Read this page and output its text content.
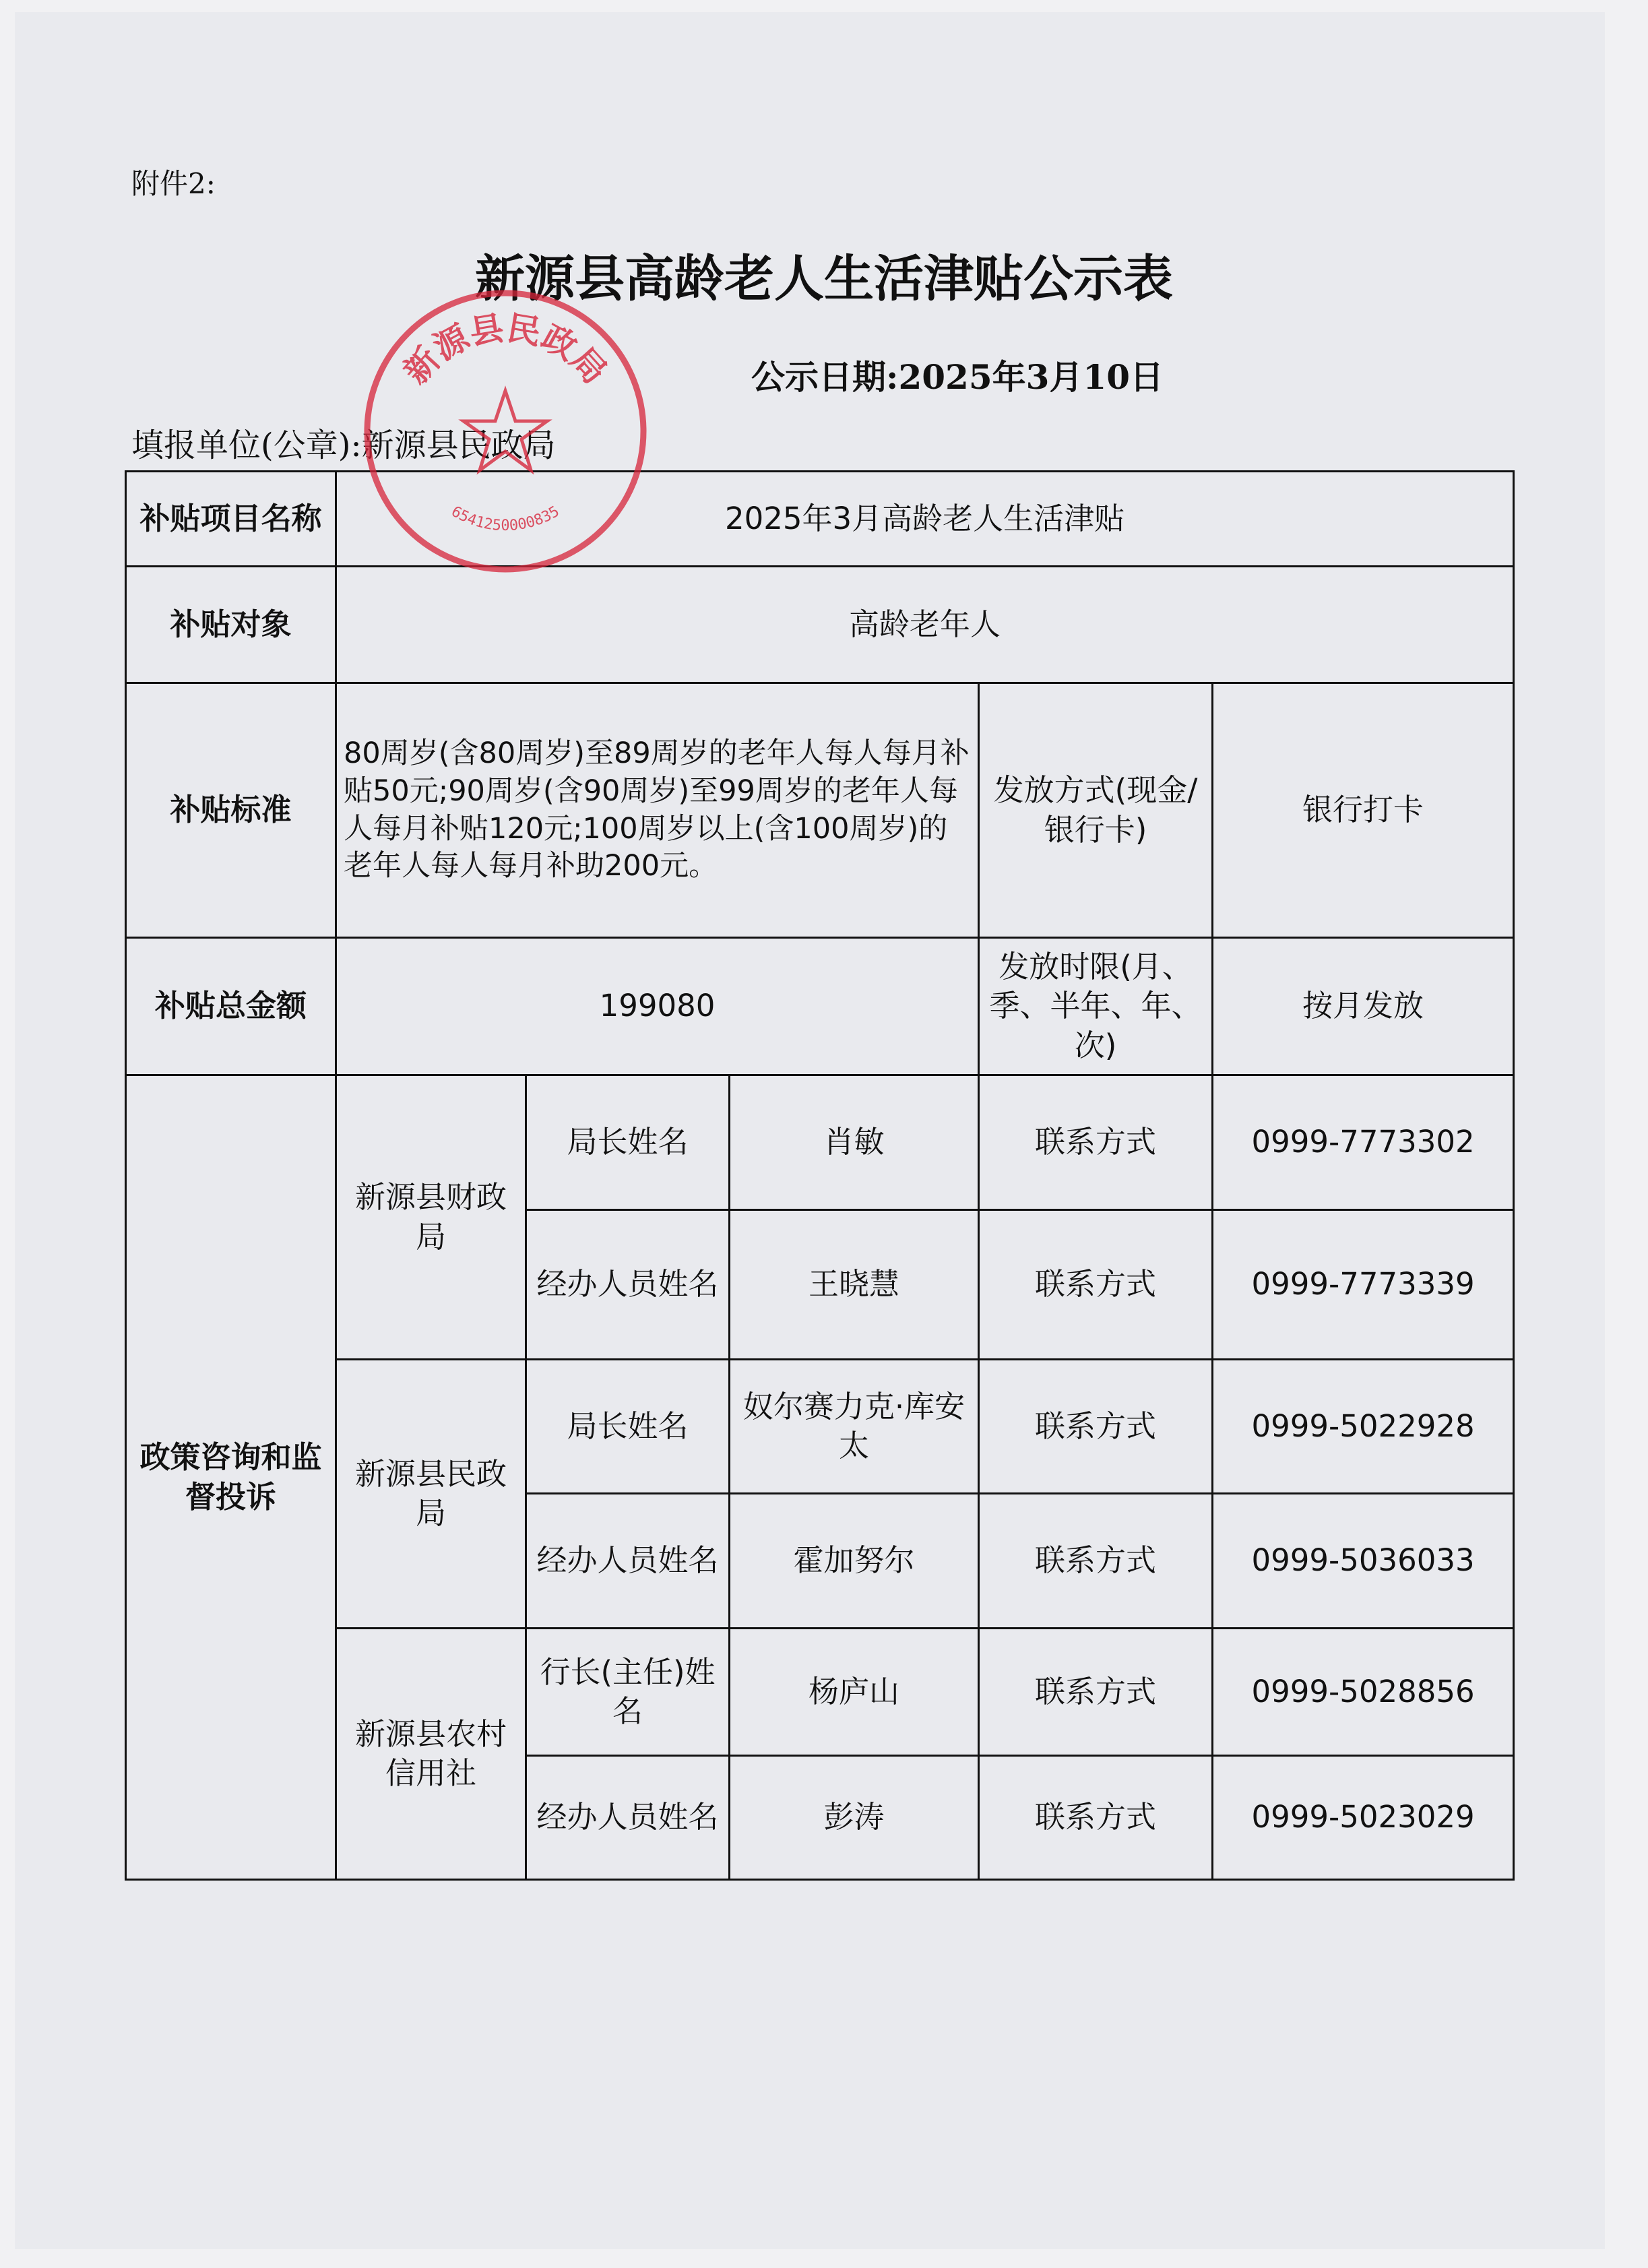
附件2:
新源县高龄老人生活津贴公示表
公示日期:2025年3月10日
填报单位(公章):新源县民政局
补贴项目名称	2025年3月高龄老人生活津贴				
补贴对象	高龄老年人				
补贴标准	80周岁(含80周岁)至89周岁的老年人每人每月补贴50元;90周岁(含90周岁)至99周岁的老年人每人每月补贴120元;100周岁以上(含100周岁)的老年人每人每月补助200元。			发放方式(现金/银行卡)	银行打卡
补贴总金额	199080			发放时限(月、季、半年、年、次)	按月发放
政策咨询和监督投诉	新源县财政局	局长姓名	肖敏	联系方式	0999-7773302
		经办人员姓名	王晓慧	联系方式	0999-7773339
	新源县民政局	局长姓名	奴尔赛力克·库安太	联系方式	0999-5022928
		经办人员姓名	霍加努尔	联系方式	0999-5036033
	新源县农村信用社	行长(主任)姓名	杨庐山	联系方式	0999-5028856
		经办人员姓名	彭涛	联系方式	0999-5023029
新源县民政局
6541250000835
